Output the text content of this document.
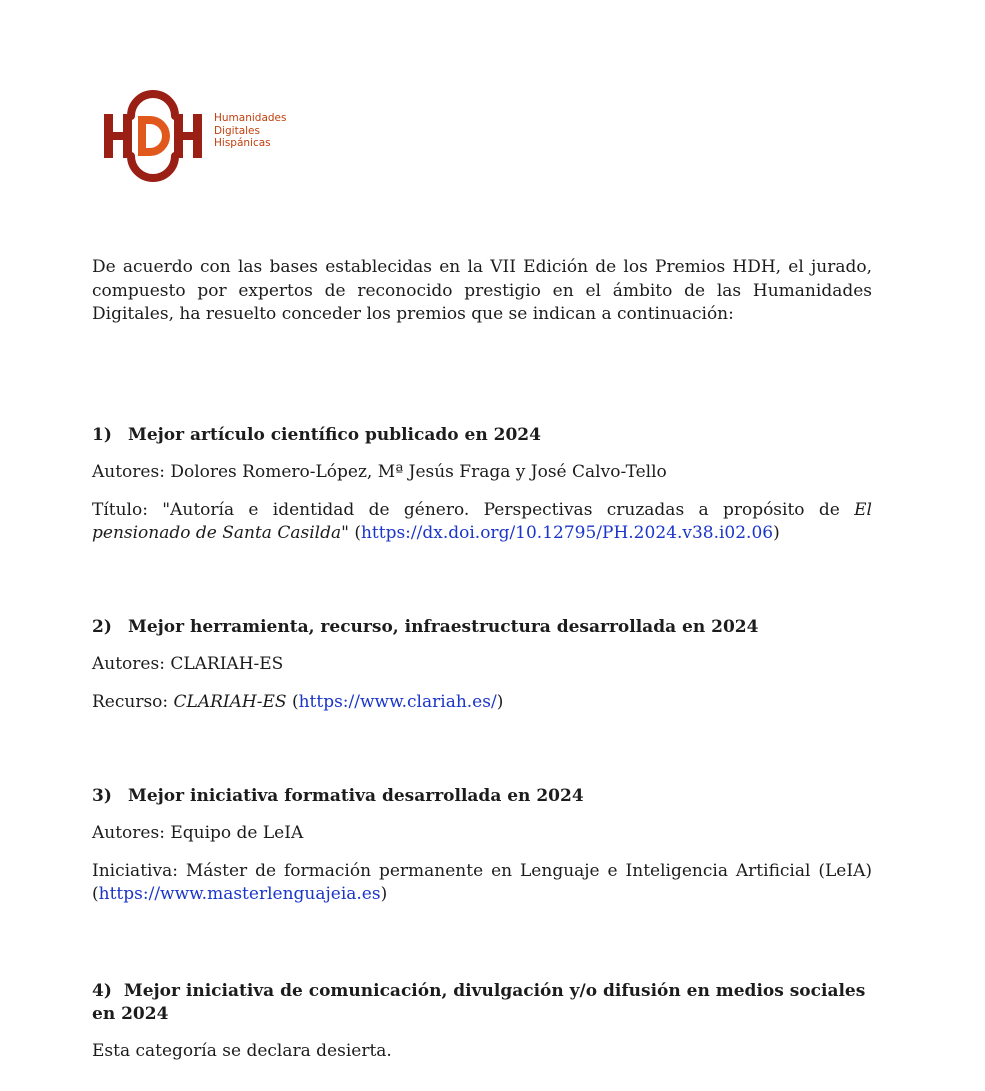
Humanidades
Digitales
Hispánicas

De acuerdo con las bases establecidas en la VII Edición de los Premios HDH, el jurado, compuesto por expertos de reconocido prestigio en el ámbito de las Humanidades Digitales, ha resuelto conceder los premios que se indican a continuación:

1) Mejor artículo científico publicado en 2024

Autores: Dolores Romero-López, Mª Jesús Fraga y José Calvo-Tello

Título: "Autoría e identidad de género. Perspectivas cruzadas a propósito de El pensionado de Santa Casilda" (https://dx.doi.org/10.12795/PH.2024.v38.i02.06)

2) Mejor herramienta, recurso, infraestructura desarrollada en 2024

Autores: CLARIAH-ES

Recurso: CLARIAH-ES (https://www.clariah.es/)

3) Mejor iniciativa formativa desarrollada en 2024

Autores: Equipo de LeIA

Iniciativa: Máster de formación permanente en Lenguaje e Inteligencia Artificial (LeIA) (https://www.masterlenguajeia.es)

4) Mejor iniciativa de comunicación, divulgación y/o difusión en medios sociales en 2024

Esta categoría se declara desierta.
